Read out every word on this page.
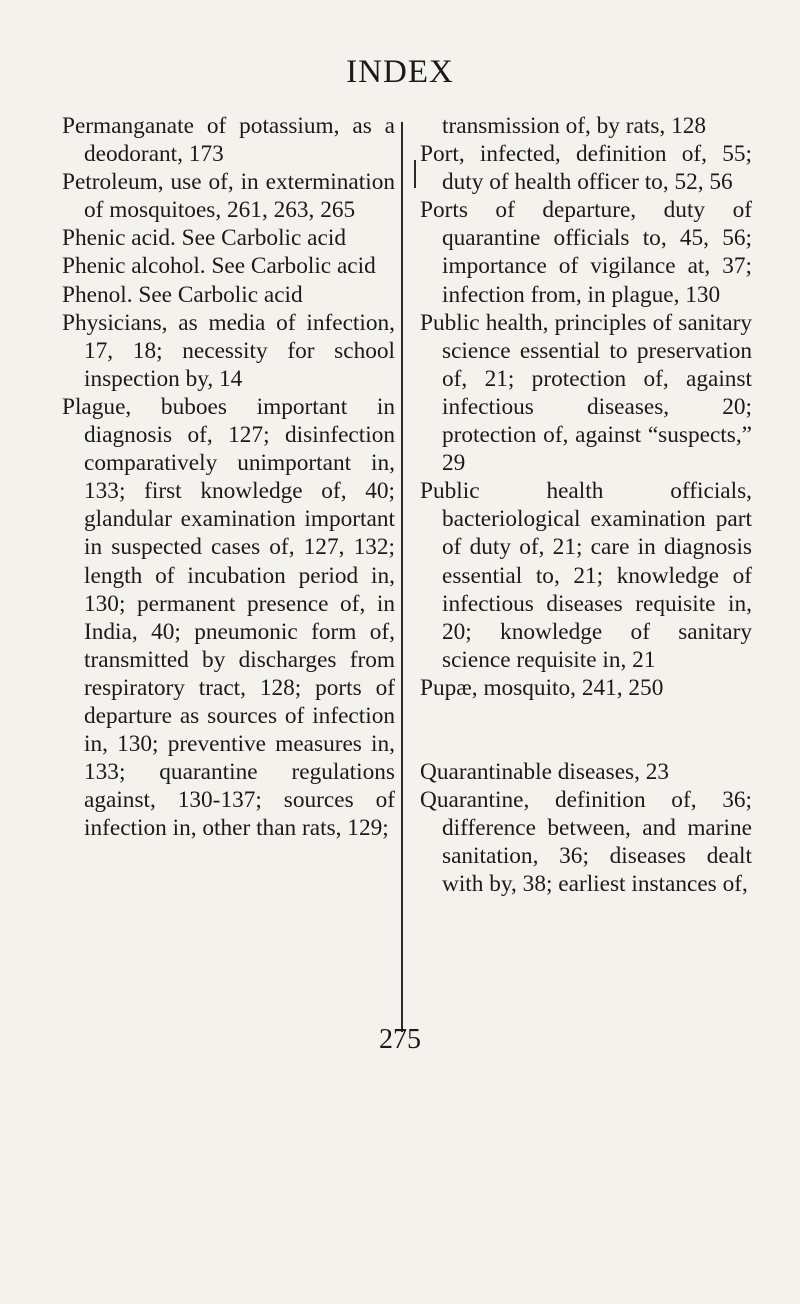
INDEX
Permanganate of potassium, as a deodorant, 173
Petroleum, use of, in extermination of mosquitoes, 261, 263, 265
Phenic acid. See Carbolic acid
Phenic alcohol. See Carbolic acid
Phenol. See Carbolic acid
Physicians, as media of infection, 17, 18; necessity for school inspection by, 14
Plague, buboes important in diagnosis of, 127; disinfection comparatively unimportant in, 133; first knowledge of, 40; glandular examination important in suspected cases of, 127, 132; length of incubation period in, 130; permanent presence of, in India, 40; pneumonic form of, transmitted by discharges from respiratory tract, 128; ports of departure as sources of infection in, 130; preventive measures in, 133; quarantine regulations against, 130-137; sources of infection in, other than rats, 129;
transmission of, by rats, 128
Port, infected, definition of, 55; duty of health officer to, 52, 56
Ports of departure, duty of quarantine officials to, 45, 56; importance of vigilance at, 37; infection from, in plague, 130
Public health, principles of sanitary science essential to preservation of, 21; protection of, against infectious diseases, 20; protection of, against “suspects,” 29
Public health officials, bacteriological examination part of duty of, 21; care in diagnosis essential to, 21; knowledge of infectious diseases requisite in, 20; knowledge of sanitary science requisite in, 21
Pupæ, mosquito, 241, 250
Quarantinable diseases, 23
Quarantine, definition of, 36; difference between, and marine sanitation, 36; diseases dealt with by, 38; earliest instances of,
275
